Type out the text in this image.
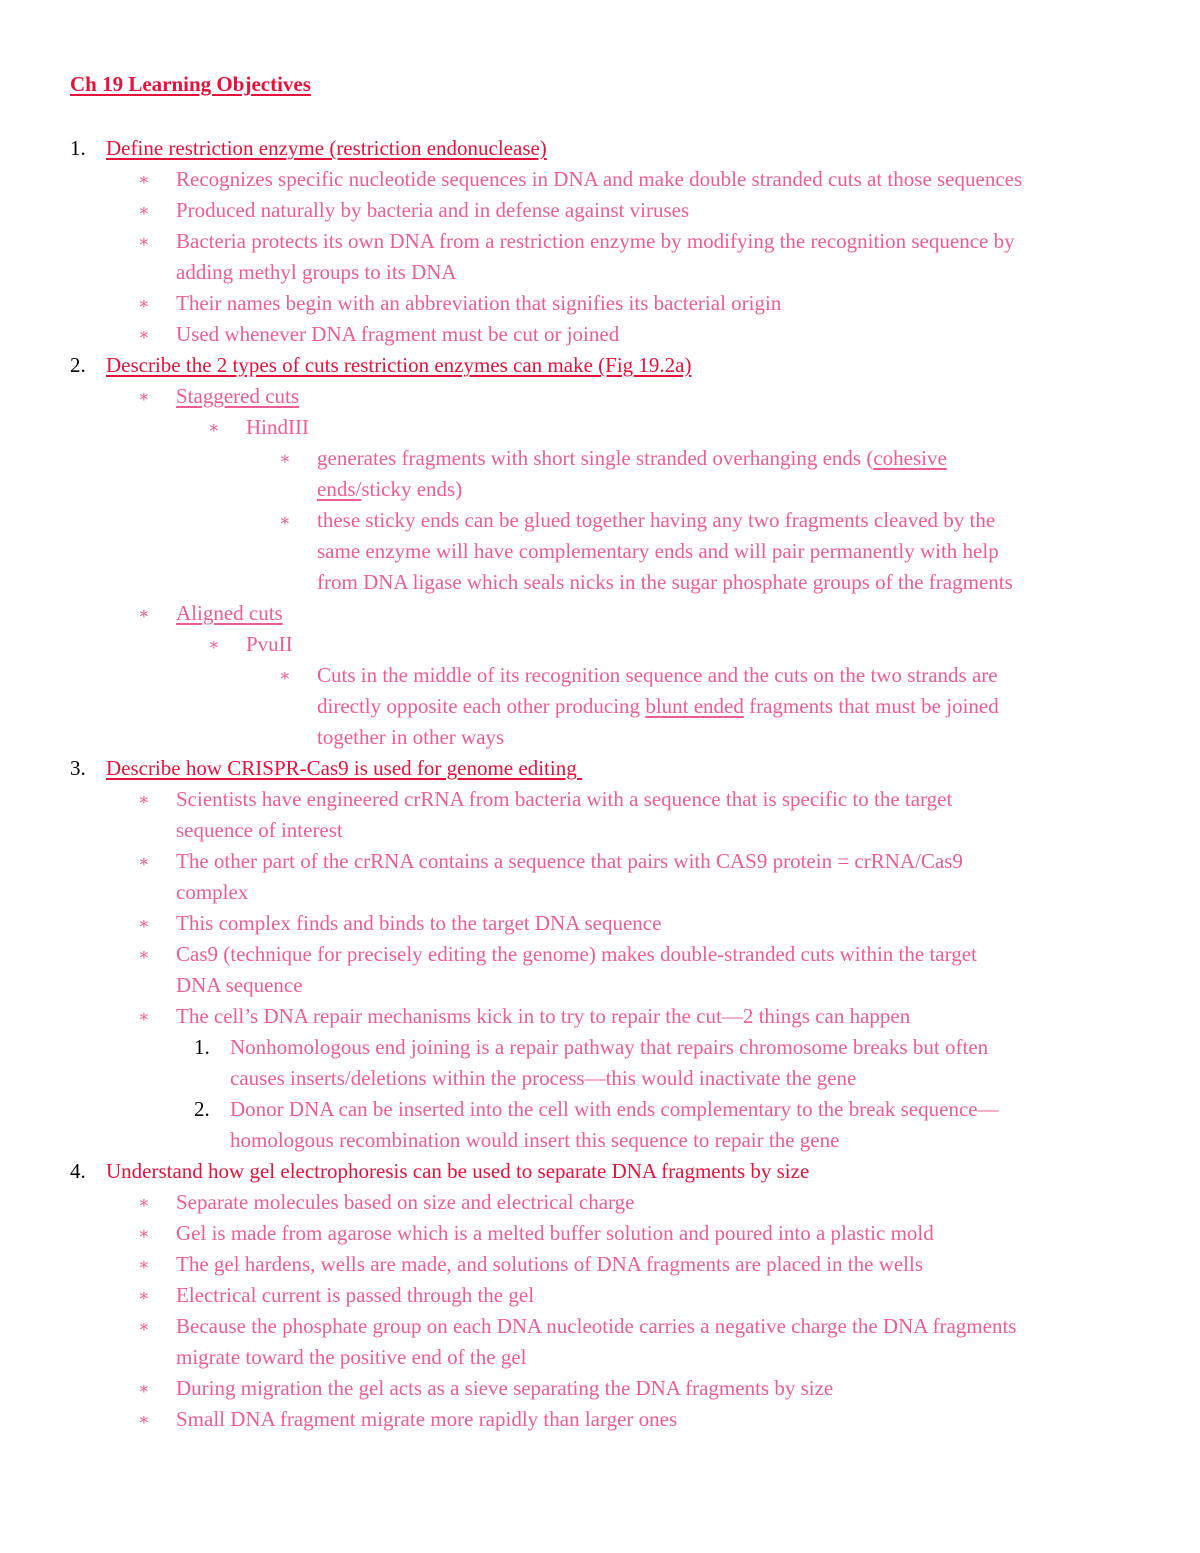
Ch 19 Learning Objectives
1. Define restriction enzyme (restriction endonuclease)
∗ Recognizes specific nucleotide sequences in DNA and make double stranded cuts at those sequences
∗ Produced naturally by bacteria and in defense against viruses
∗ Bacteria protects its own DNA from a restriction enzyme by modifying the recognition sequence by
adding methyl groups to its DNA
∗ Their names begin with an abbreviation that signifies its bacterial origin
∗ Used whenever DNA fragment must be cut or joined
2. Describe the 2 types of cuts restriction enzymes can make (Fig 19.2a)
∗ Staggered cuts
∗ HindIII
∗ generates fragments with short single stranded overhanging ends (cohesive
ends/sticky ends)
∗ these sticky ends can be glued together having any two fragments cleaved by the
same enzyme will have complementary ends and will pair permanently with help
from DNA ligase which seals nicks in the sugar phosphate groups of the fragments
∗ Aligned cuts
∗ PvuII
∗ Cuts in the middle of its recognition sequence and the cuts on the two strands are
directly opposite each other producing blunt ended fragments that must be joined
together in other ways
3. Describe how CRISPR-Cas9 is used for genome editing
∗ Scientists have engineered crRNA from bacteria with a sequence that is specific to the target
sequence of interest
∗ The other part of the crRNA contains a sequence that pairs with CAS9 protein = crRNA/Cas9
complex
∗ This complex finds and binds to the target DNA sequence
∗ Cas9 (technique for precisely editing the genome) makes double-stranded cuts within the target
DNA sequence
∗ The cell’s DNA repair mechanisms kick in to try to repair the cut—2 things can happen
1. Nonhomologous end joining is a repair pathway that repairs chromosome breaks but often
causes inserts/deletions within the process—this would inactivate the gene
2. Donor DNA can be inserted into the cell with ends complementary to the break sequence—
homologous recombination would insert this sequence to repair the gene
4. Understand how gel electrophoresis can be used to separate DNA fragments by size
∗ Separate molecules based on size and electrical charge
∗ Gel is made from agarose which is a melted buffer solution and poured into a plastic mold
∗ The gel hardens, wells are made, and solutions of DNA fragments are placed in the wells
∗ Electrical current is passed through the gel
∗ Because the phosphate group on each DNA nucleotide carries a negative charge the DNA fragments
migrate toward the positive end of the gel
∗ During migration the gel acts as a sieve separating the DNA fragments by size
∗ Small DNA fragment migrate more rapidly than larger ones
